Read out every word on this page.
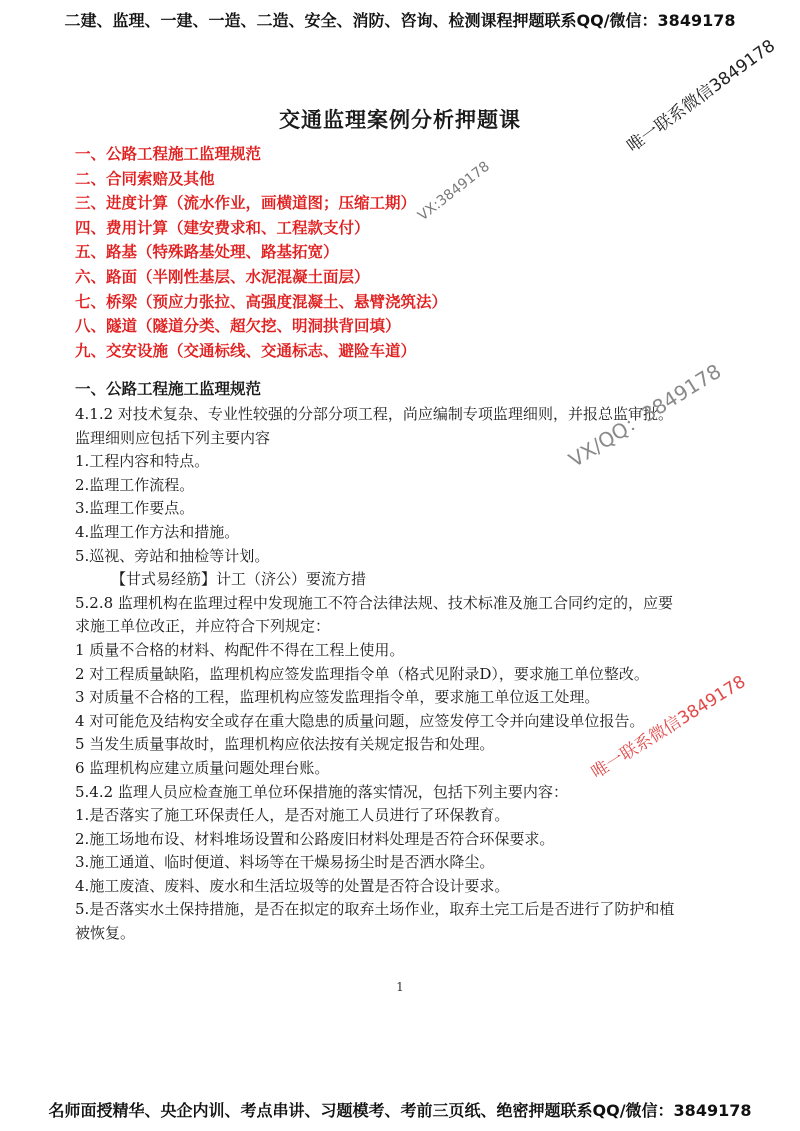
二建、监理、一建、一造、二造、安全、消防、咨询、检测课程押题联系QQ/微信：3849178
交通监理案例分析押题课
一、公路工程施工监理规范
二、合同索赔及其他
三、进度计算（流水作业，画横道图；压缩工期）
四、费用计算（建安费求和、工程款支付）
五、路基（特殊路基处理、路基拓宽）
六、路面（半刚性基层、水泥混凝土面层）
七、桥梁（预应力张拉、高强度混凝土、悬臂浇筑法）
八、隧道（隧道分类、超欠挖、明洞拱背回填）
九、交安设施（交通标线、交通标志、避险车道）
一、公路工程施工监理规范
4.1.2 对技术复杂、专业性较强的分部分项工程，尚应编制专项监理细则，并报总监审批。
监理细则应包括下列主要内容
1.工程内容和特点。
2.监理工作流程。
3.监理工作要点。
4.监理工作方法和措施。
5.巡视、旁站和抽检等计划。
【甘式易经筋】计工（济公）要流方措
5.2.8 监理机构在监理过程中发现施工不符合法律法规、技术标准及施工合同约定的，应要
求施工单位改正，并应符合下列规定：
1 质量不合格的材料、构配件不得在工程上使用。
2 对工程质量缺陷，监理机构应签发监理指令单（格式见附录D），要求施工单位整改。
3 对质量不合格的工程，监理机构应签发监理指令单，要求施工单位返工处理。
4 对可能危及结构安全或存在重大隐患的质量问题，应签发停工令并向建设单位报告。
5 当发生质量事故时，监理机构应依法按有关规定报告和处理。
6 监理机构应建立质量问题处理台账。
5.4.2 监理人员应检查施工单位环保措施的落实情况，包括下列主要内容：
1.是否落实了施工环保责任人，是否对施工人员进行了环保教育。
2.施工场地布设、材料堆场设置和公路废旧材料处理是否符合环保要求。
3.施工通道、临时便道、料场等在干燥易扬尘时是否洒水降尘。
4.施工废渣、废料、废水和生活垃圾等的处置是否符合设计要求。
5.是否落实水土保持措施，是否在拟定的取弃土场作业，取弃土完工后是否进行了防护和植
被恢复。
1
名师面授精华、央企内训、考点串讲、习题模考、考前三页纸、绝密押题联系QQ/微信：3849178
唯一联系微信3849178
VX:3849178
VX/QQ：3849178
唯一联系微信3849178
